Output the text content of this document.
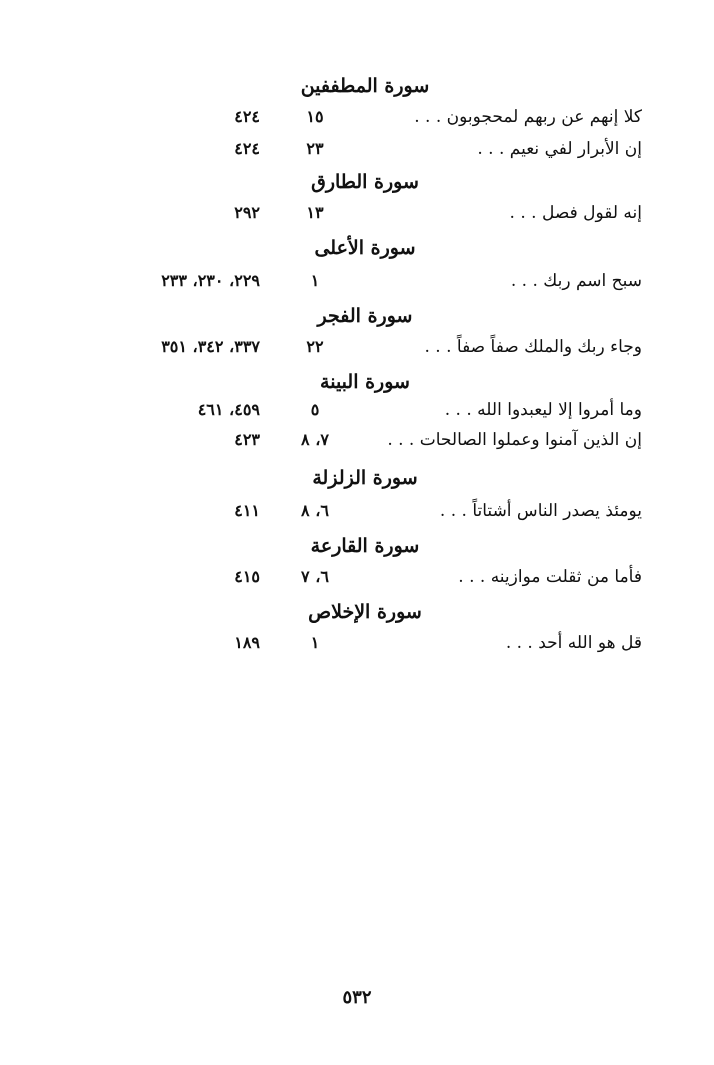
سورة المطففين
كلا إنهم عن ربهم لمحجوبون . . .
١٥
٤٢٤
إن الأبرار لفي نعيم . . .
٢٣
٤٢٤
سورة الطارق
إنه لقول فصل . . .
١٣
٢٩٢
سورة الأعلى
سبح اسم ربك . . .
١
٢٢٩، ٢٣٠، ٢٣٣
سورة الفجر
وجاء ربك والملك صفاً صفاً . . .
٢٢
٣٣٧، ٣٤٢، ٣٥١
سورة البينة
وما أمروا إلا ليعبدوا الله . . .
٥
٤٥٩، ٤٦١
إن الذين آمنوا وعملوا الصالحات . . .
٧، ٨
٤٢٣
سورة الزلزلة
يومئذ يصدر الناس أشتاتاً . . .
٦، ٨
٤١١
سورة القارعة
فأما من ثقلت موازينه . . .
٦، ٧
٤١٥
سورة الإخلاص
قل هو الله أحد . . .
١
١٨٩
٥٣٢
